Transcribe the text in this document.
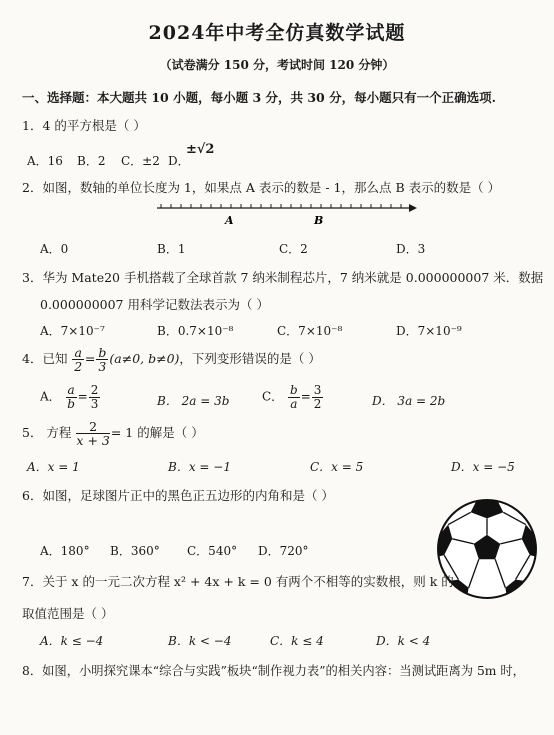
2024年中考全仿真数学试题
（试卷满分 150 分，考试时间 120 分钟）
一、选择题：本大题共 10 小题，每小题 3 分，共 30 分，每小题只有一个正确选项.
1．4 的平方根是（ ）
A．16 B．2 C．±2 D．
±√2
2．如图，数轴的单位长度为 1，如果点 A 表示的数是 - 1，那么点 B 表示的数是（ ）
A	B
A．0	B．1	C．2	D．3
3．华为 Mate20 手机搭载了全球首款 7 纳米制程芯片，7 纳米就是 0.000000007 米．数据
0.000000007 用科学记数法表示为（ ）
A．7×10⁻⁷	B．0.7×10⁻⁸	C．7×10⁻⁸	D．7×10⁻⁹
4．已知 $\frac{a}{2} = \frac{b}{3} (a\ne 0$, b≠0)，下列变形错误的是（ ）
A． $\frac{a}{b} = \frac{2}{3}$	B． 2a = 3b	C． $\frac{b}{a} = \frac{3}{2}$	D． 3a = 2b
5． 方程 $\frac{2}{x + 3} = 1$ 的解是（ ）
A．x = 1	B．x = −1	C．x = 5	D．x = −5
6．如图，足球图片正中的黑色正五边形的内角和是（ ）
A．180° B．360° C．540° D．720°
7．关于 x 的一元二次方程 x² + 4x + k = 0 有两个不相等的实数根，则 k 的
取值范围是（ ）
A．k ≤ −4	B．k < −4	C．k ≤ 4	D．k < 4
8．如图，小明探究课本“综合与实践”板块“制作视力表”的相关内容：当测试距离为 5m 时，
